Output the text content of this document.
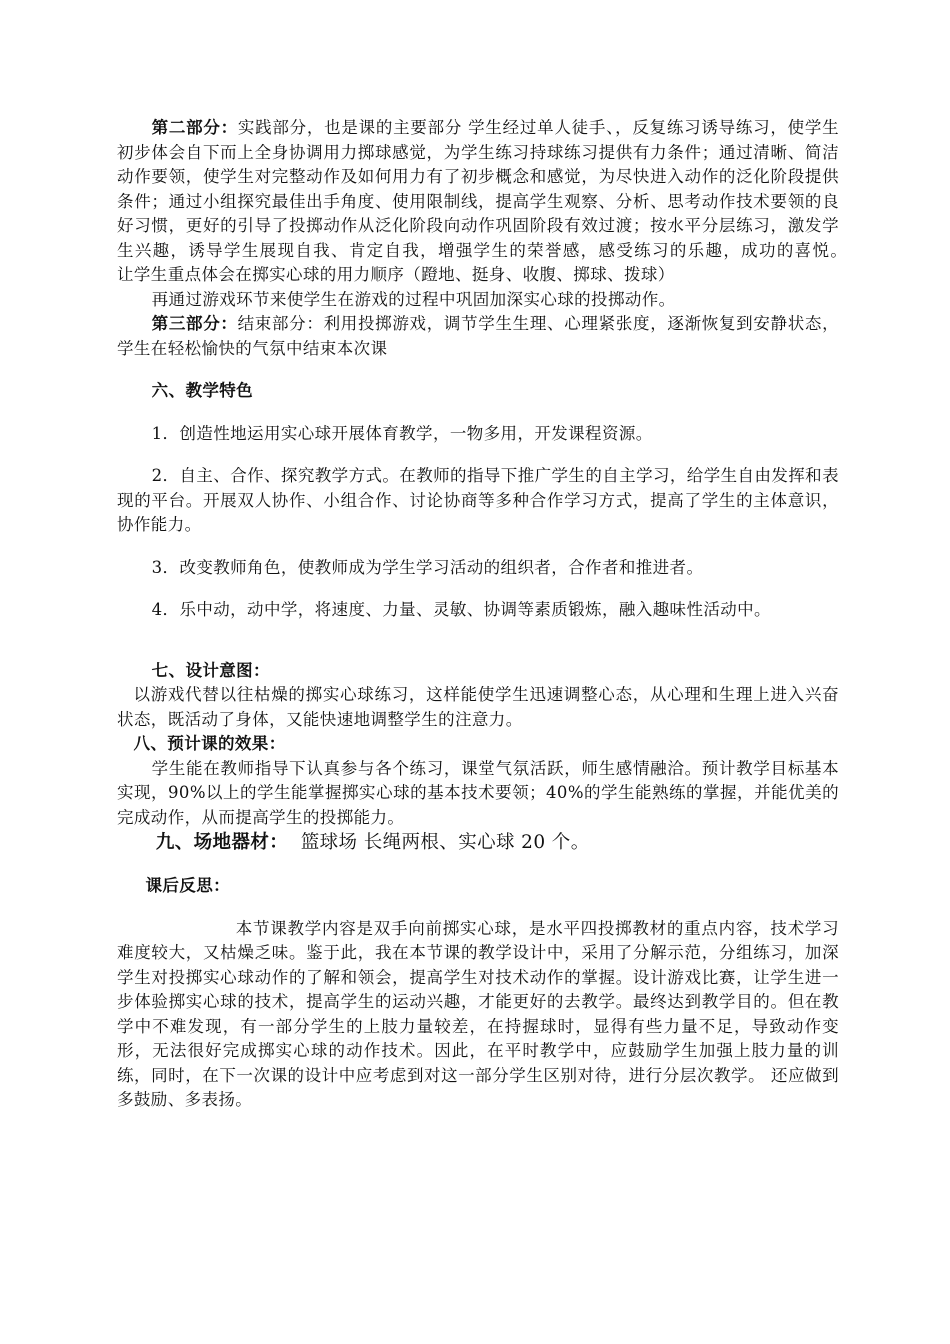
第二部分：实践部分，也是课的主要部分 学生经过单人徒手、，反复练习诱导练习，使学生初步体会自下而上全身协调用力掷球感觉，为学生练习持球练习提供有力条件；通过清晰、简洁动作要领，使学生对完整动作及如何用力有了初步概念和感觉，为尽快进入动作的泛化阶段提供条件；通过小组探究最佳出手角度、使用限制线，提高学生观察、分析、思考动作技术要领的良好习惯，更好的引导了投掷动作从泛化阶段向动作巩固阶段有效过渡；按水平分层练习，激发学生兴趣，诱导学生展现自我、肯定自我，增强学生的荣誉感，感受练习的乐趣，成功的喜悦。　 让学生重点体会在掷实心球的用力顺序（蹬地、挺身、收腹、掷球、拨球）

再通过游戏环节来使学生在游戏的过程中巩固加深实心球的投掷动作。

第三部分：结束部分：利用投掷游戏，调节学生生理、心理紧张度，逐渐恢复到安静状态，学生在轻松愉快的气氛中结束本次课

六、教学特色

1．创造性地运用实心球开展体育教学，一物多用，开发课程资源。

2．自主、合作、探究教学方式。在教师的指导下推广学生的自主学习，给学生自由发挥和表现的平台。开展双人协作、小组合作、讨论协商等多种合作学习方式，提高了学生的主体意识，协作能力。

3．改变教师角色，使教师成为学生学习活动的组织者，合作者和推进者。

4．乐中动，动中学，将速度、力量、灵敏、协调等素质锻炼，融入趣味性活动中。

七、设计意图：

以游戏代替以往枯燥的掷实心球练习，这样能使学生迅速调整心态，从心理和生理上进入兴奋状态，既活动了身体，又能快速地调整学生的注意力。

八、预计课的效果：

学生能在教师指导下认真参与各个练习，课堂气氛活跃，师生感情融洽。预计教学目标基本实现，90%以上的学生能掌握掷实心球的基本技术要领；40%的学生能熟练的掌握，并能优美的完成动作，从而提高学生的投掷能力。

九、场地器材： 篮球场 长绳两根、实心球 20 个。

课后反思：

本节课教学内容是双手向前掷实心球，是水平四投掷教材的重点内容，技术学习难度较大，又枯燥乏味。鉴于此，我在本节课的教学设计中，采用了分解示范，分组练习，加深学生对投掷实心球动作的了解和领会，提高学生对技术动作的掌握。设计游戏比赛，让学生进一步体验掷实心球的技术，提高学生的运动兴趣，才能更好的去教学。最终达到教学目的。但在教学中不难发现，有一部分学生的上肢力量较差，在持握球时，显得有些力量不足，导致动作变形，无法很好完成掷实心球的动作技术。因此，在平时教学中，应鼓励学生加强上肢力量的训练，同时，在下一次课的设计中应考虑到对这一部分学生区别对待，进行分层次教学。 还应做到多鼓励、多表扬。
